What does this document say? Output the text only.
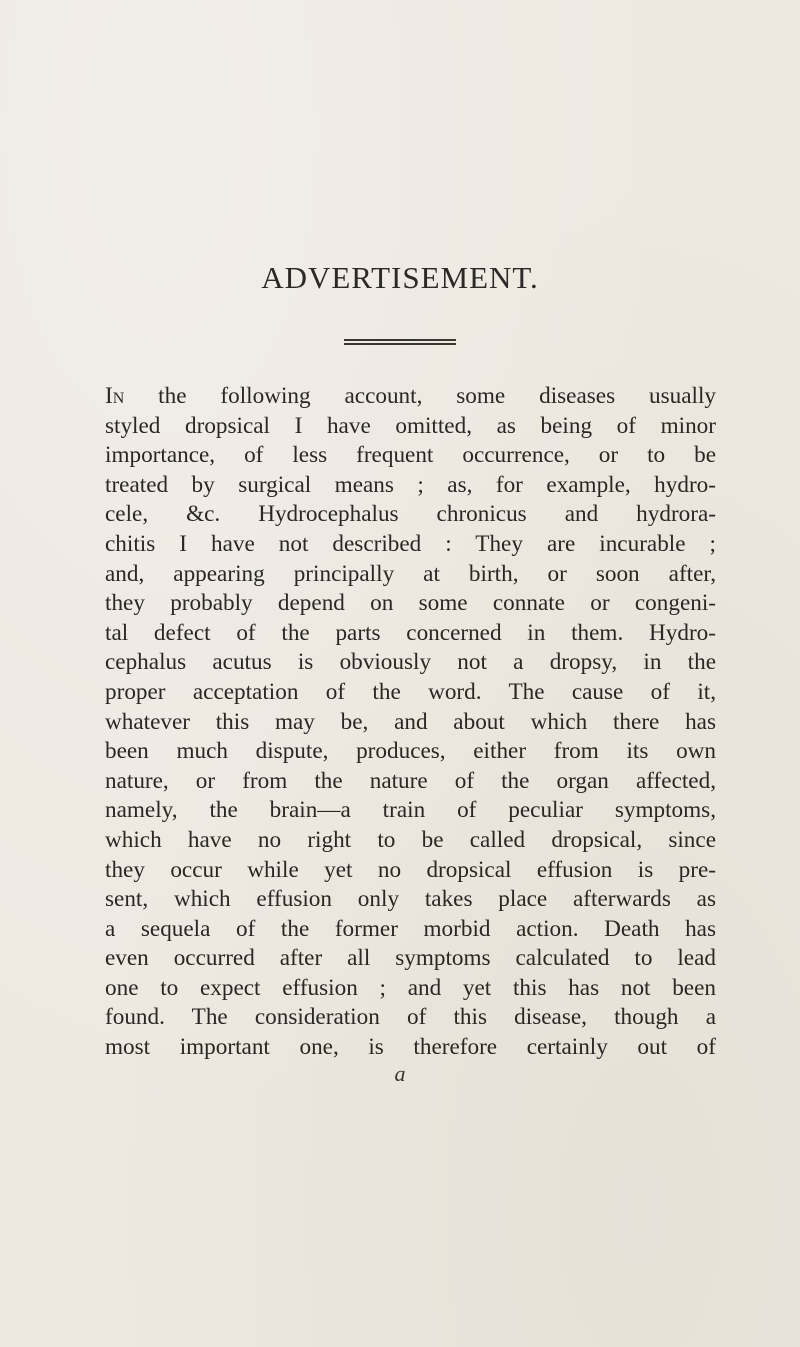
ADVERTISEMENT.
In the following account, some diseases usually
styled dropsical I have omitted, as being of minor
importance, of less frequent occurrence, or to be
treated by surgical means ; as, for example, hydro-
cele, &c. Hydrocephalus chronicus and hydrora-
chitis I have not described : They are incurable ;
and, appearing principally at birth, or soon after,
they probably depend on some connate or congeni-
tal defect of the parts concerned in them. Hydro-
cephalus acutus is obviously not a dropsy, in the
proper acceptation of the word. The cause of it,
whatever this may be, and about which there has
been much dispute, produces, either from its own
nature, or from the nature of the organ affected,
namely, the brain—a train of peculiar symptoms,
which have no right to be called dropsical, since
they occur while yet no dropsical effusion is pre-
sent, which effusion only takes place afterwards as
a sequela of the former morbid action. Death has
even occurred after all symptoms calculated to lead
one to expect effusion ; and yet this has not been
found. The consideration of this disease, though a
most important one, is therefore certainly out of
a
